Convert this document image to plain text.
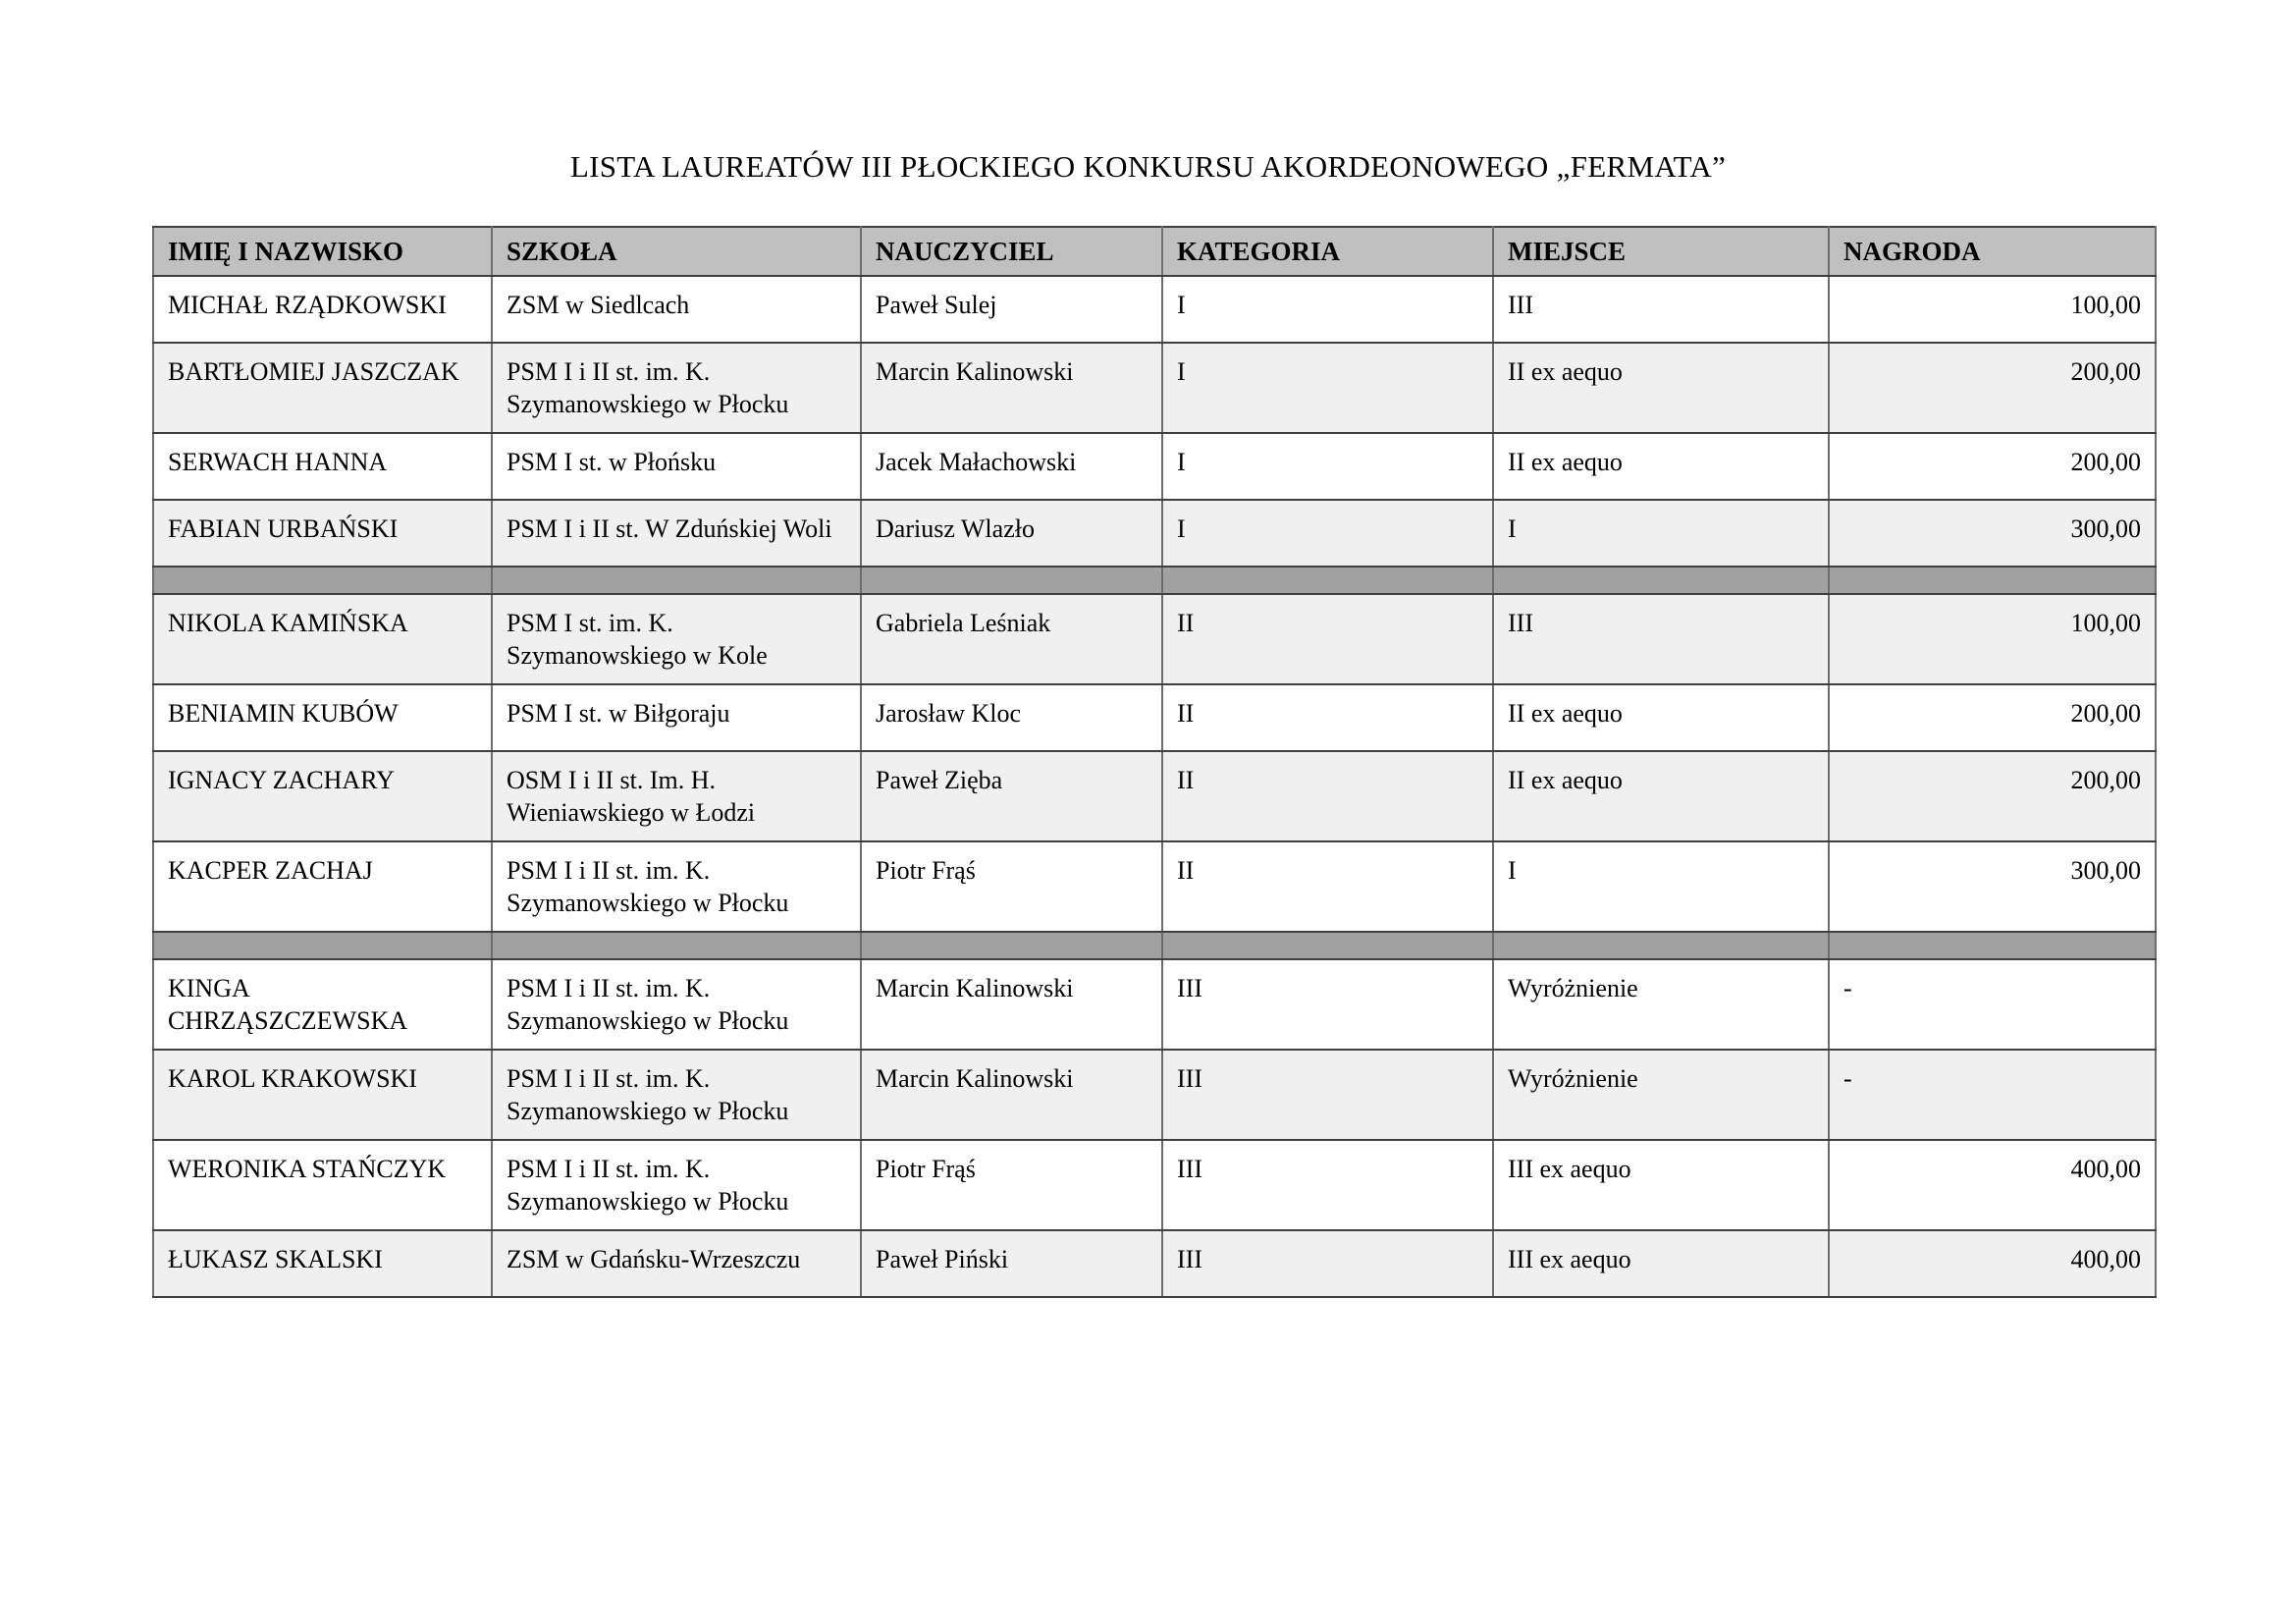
LISTA LAUREATÓW III PŁOCKIEGO KONKURSU AKORDEONOWEGO „FERMATA”
IMIĘ I NAZWISKO	SZKOŁA	NAUCZYCIEL	KATEGORIA	MIEJSCE	NAGRODA
MICHAŁ RZĄDKOWSKI	ZSM w Siedlcach	Paweł Sulej	I	III	100,00
BARTŁOMIEJ JASZCZAK	PSM I i II st. im. K. Szymanowskiego w Płocku	Marcin Kalinowski	I	II ex aequo	200,00
SERWACH HANNA	PSM I st. w Płońsku	Jacek Małachowski	I	II ex aequo	200,00
FABIAN URBAŃSKI	PSM I i II st. W Zduńskiej Woli	Dariusz Wlazło	I	I	300,00

NIKOLA KAMIŃSKA	PSM I st. im. K. Szymanowskiego w Kole	Gabriela Leśniak	II	III	100,00
BENIAMIN KUBÓW	PSM I st. w Biłgoraju	Jarosław Kloc	II	II ex aequo	200,00
IGNACY ZACHARY	OSM I i II st. Im. H. Wieniawskiego w Łodzi	Paweł Zięba	II	II ex aequo	200,00
KACPER ZACHAJ	PSM I i II st. im. K. Szymanowskiego w Płocku	Piotr Frąś	II	I	300,00

KINGA CHRZĄSZCZEWSKA	PSM I i II st. im. K. Szymanowskiego w Płocku	Marcin Kalinowski	III	Wyróżnienie	-
KAROL KRAKOWSKI	PSM I i II st. im. K. Szymanowskiego w Płocku	Marcin Kalinowski	III	Wyróżnienie	-
WERONIKA STAŃCZYK	PSM I i II st. im. K. Szymanowskiego w Płocku	Piotr Frąś	III	III ex aequo	400,00
ŁUKASZ SKALSKI	ZSM w Gdańsku-Wrzeszczu	Paweł Piński	III	III ex aequo	400,00
